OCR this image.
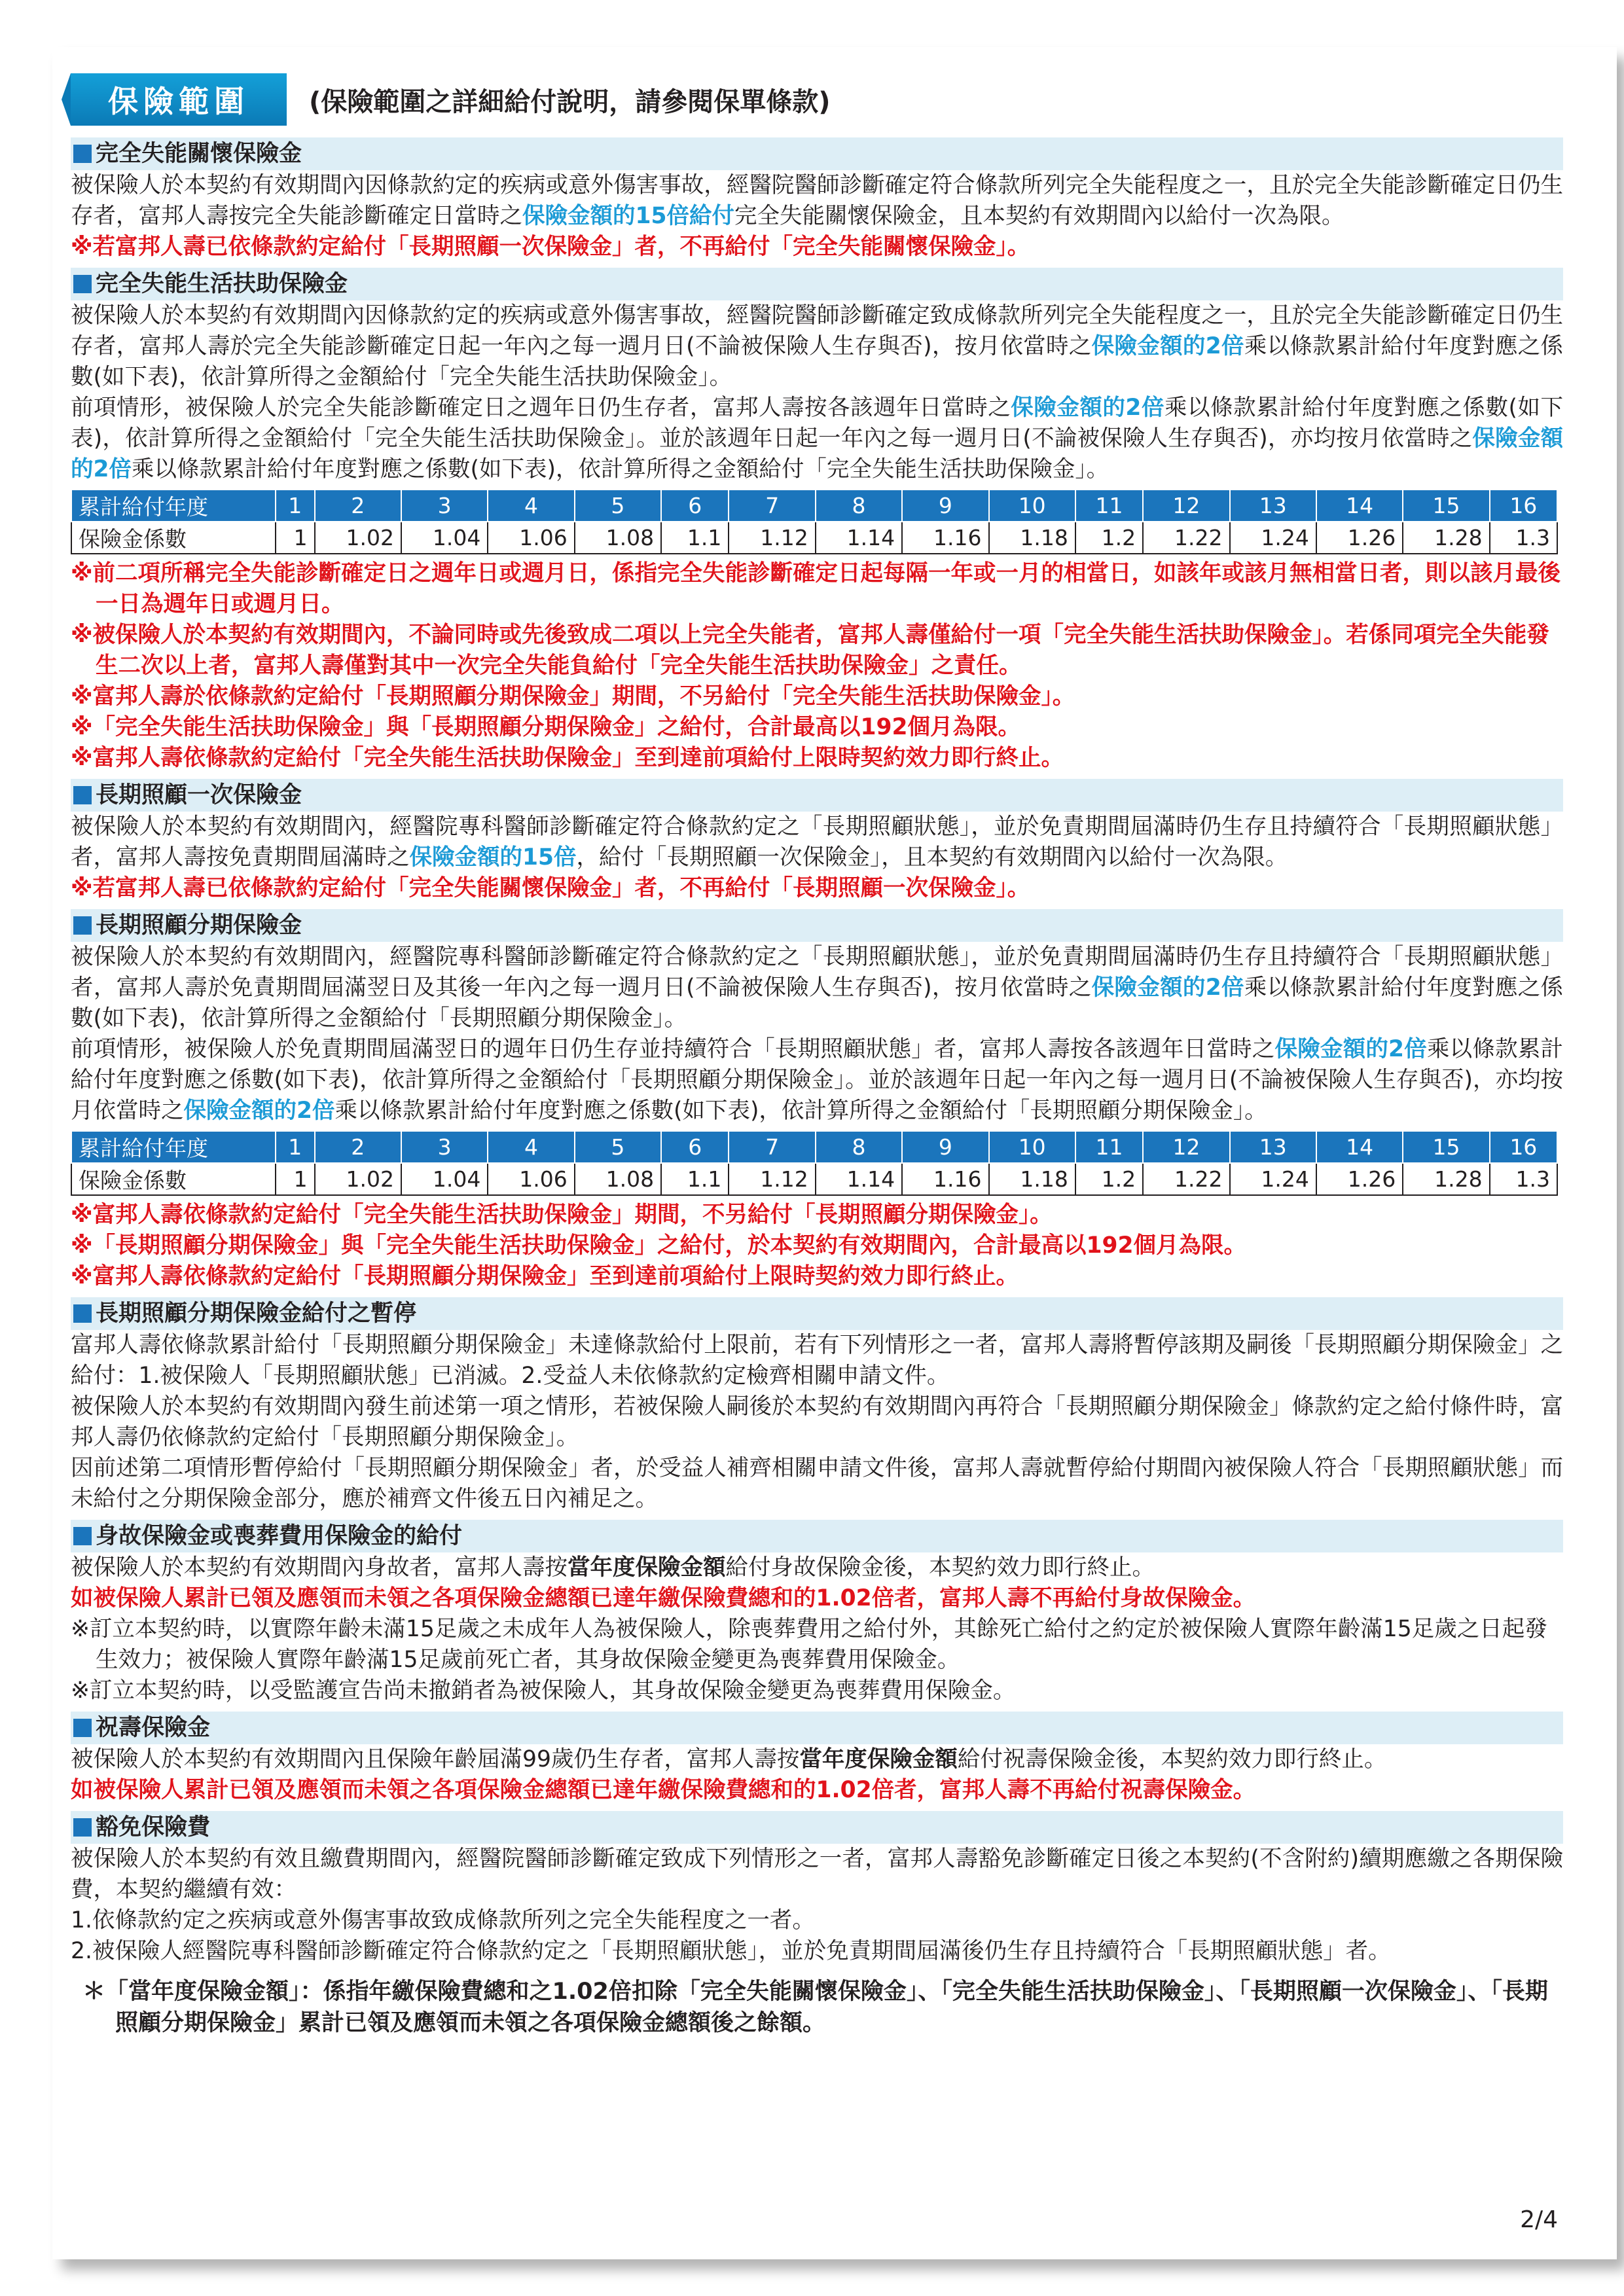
保險範圍	(保險範圍之詳細給付說明，請參閱保單條款)
完全失能關懷保險金

被保險人於本契約有效期間內因條款約定的疾病或意外傷害事故，經醫院醫師診斷確定符合條款所列完全失能程度之一，且於完全失能診斷確定日仍生存者，富邦人壽按完全失能診斷確定日當時之保險金額的15倍給付完全失能關懷保險金，且本契約有效期間內以給付一次為限。

※若富邦人壽已依條款約定給付「長期照顧一次保險金」者，不再給付「完全失能關懷保險金」。

完全失能生活扶助保險金

被保險人於本契約有效期間內因條款約定的疾病或意外傷害事故，經醫院醫師診斷確定致成條款所列完全失能程度之一，且於完全失能診斷確定日仍生存者，富邦人壽於完全失能診斷確定日起一年內之每一週月日(不論被保險人生存與否)，按月依當時之保險金額的2倍乘以條款累計給付年度對應之係數(如下表)，依計算所得之金額給付「完全失能生活扶助保險金」。

前項情形，被保險人於完全失能診斷確定日之週年日仍生存者，富邦人壽按各該週年日當時之保險金額的2倍乘以條款累計給付年度對應之係數(如下表)，依計算所得之金額給付「完全失能生活扶助保險金」。並於該週年日起一年內之每一週月日(不論被保險人生存與否)，亦均按月依當時之保險金額的2倍乘以條款累計給付年度對應之係數(如下表)，依計算所得之金額給付「完全失能生活扶助保險金」。

累計給付年度	1	2	3	4	5	6	7	8	9	10	11	12	13	14	15	16
保險金係數	1	1.02	1.04	1.06	1.08	1.1	1.12	1.14	1.16	1.18	1.2	1.22	1.24	1.26	1.28	1.3

※前二項所稱完全失能診斷確定日之週年日或週月日，係指完全失能診斷確定日起每隔一年或一月的相當日，如該年或該月無相當日者，則以該月最後一日為週年日或週月日。

※被保險人於本契約有效期間內，不論同時或先後致成二項以上完全失能者，富邦人壽僅給付一項「完全失能生活扶助保險金」。若係同項完全失能發生二次以上者，富邦人壽僅對其中一次完全失能負給付「完全失能生活扶助保險金」之責任。

※富邦人壽於依條款約定給付「長期照顧分期保險金」期間，不另給付「完全失能生活扶助保險金」。

※「完全失能生活扶助保險金」與「長期照顧分期保險金」之給付，合計最高以192個月為限。

※富邦人壽依條款約定給付「完全失能生活扶助保險金」至到達前項給付上限時契約效力即行終止。

長期照顧一次保險金

被保險人於本契約有效期間內，經醫院專科醫師診斷確定符合條款約定之「長期照顧狀態」，並於免責期間屆滿時仍生存且持續符合「長期照顧狀態」者，富邦人壽按免責期間屆滿時之保險金額的15倍，給付「長期照顧一次保險金」，且本契約有效期間內以給付一次為限。

※若富邦人壽已依條款約定給付「完全失能關懷保險金」者，不再給付「長期照顧一次保險金」。

長期照顧分期保險金

被保險人於本契約有效期間內，經醫院專科醫師診斷確定符合條款約定之「長期照顧狀態」，並於免責期間屆滿時仍生存且持續符合「長期照顧狀態」者，富邦人壽於免責期間屆滿翌日及其後一年內之每一週月日(不論被保險人生存與否)，按月依當時之保險金額的2倍乘以條款累計給付年度對應之係數(如下表)，依計算所得之金額給付「長期照顧分期保險金」。

前項情形，被保險人於免責期間屆滿翌日的週年日仍生存並持續符合「長期照顧狀態」者，富邦人壽按各該週年日當時之保險金額的2倍乘以條款累計給付年度對應之係數(如下表)，依計算所得之金額給付「長期照顧分期保險金」。並於該週年日起一年內之每一週月日(不論被保險人生存與否)，亦均按月依當時之保險金額的2倍乘以條款累計給付年度對應之係數(如下表)，依計算所得之金額給付「長期照顧分期保險金」。

累計給付年度	1	2	3	4	5	6	7	8	9	10	11	12	13	14	15	16
保險金係數	1	1.02	1.04	1.06	1.08	1.1	1.12	1.14	1.16	1.18	1.2	1.22	1.24	1.26	1.28	1.3

※富邦人壽依條款約定給付「完全失能生活扶助保險金」期間，不另給付「長期照顧分期保險金」。

※「長期照顧分期保險金」與「完全失能生活扶助保險金」之給付，於本契約有效期間內，合計最高以192個月為限。

※富邦人壽依條款約定給付「長期照顧分期保險金」至到達前項給付上限時契約效力即行終止。

長期照顧分期保險金給付之暫停

富邦人壽依條款累計給付「長期照顧分期保險金」未達條款給付上限前，若有下列情形之一者，富邦人壽將暫停該期及嗣後「長期照顧分期保險金」之給付：1.被保險人「長期照顧狀態」已消滅。2.受益人未依條款約定檢齊相關申請文件。

被保險人於本契約有效期間內發生前述第一項之情形，若被保險人嗣後於本契約有效期間內再符合「長期照顧分期保險金」條款約定之給付條件時，富邦人壽仍依條款約定給付「長期照顧分期保險金」。

因前述第二項情形暫停給付「長期照顧分期保險金」者，於受益人補齊相關申請文件後，富邦人壽就暫停給付期間內被保險人符合「長期照顧狀態」而未給付之分期保險金部分，應於補齊文件後五日內補足之。

身故保險金或喪葬費用保險金的給付

被保險人於本契約有效期間內身故者，富邦人壽按當年度保險金額給付身故保險金後，本契約效力即行終止。

如被保險人累計已領及應領而未領之各項保險金總額已達年繳保險費總和的1.02倍者，富邦人壽不再給付身故保險金。

※訂立本契約時，以實際年齡未滿15足歲之未成年人為被保險人，除喪葬費用之給付外，其餘死亡給付之約定於被保險人實際年齡滿15足歲之日起發生效力；被保險人實際年齡滿15足歲前死亡者，其身故保險金變更為喪葬費用保險金。

※訂立本契約時，以受監護宣告尚未撤銷者為被保險人，其身故保險金變更為喪葬費用保險金。

祝壽保險金

被保險人於本契約有效期間內且保險年齡屆滿99歲仍生存者，富邦人壽按當年度保險金額給付祝壽保險金後，本契約效力即行終止。

如被保險人累計已領及應領而未領之各項保險金總額已達年繳保險費總和的1.02倍者，富邦人壽不再給付祝壽保險金。

豁免保險費

被保險人於本契約有效且繳費期間內，經醫院醫師診斷確定致成下列情形之一者，富邦人壽豁免診斷確定日後之本契約(不含附約)續期應繳之各期保險費，本契約繼續有效：

1.依條款約定之疾病或意外傷害事故致成條款所列之完全失能程度之一者。

2.被保險人經醫院專科醫師診斷確定符合條款約定之「長期照顧狀態」，並於免責期間屆滿後仍生存且持續符合「長期照顧狀態」者。

＊「當年度保險金額」：係指年繳保險費總和之1.02倍扣除「完全失能關懷保險金」、「完全失能生活扶助保險金」、「長期照顧一次保險金」、「長期照顧分期保險金」累計已領及應領而未領之各項保險金總額後之餘額。

2/4
